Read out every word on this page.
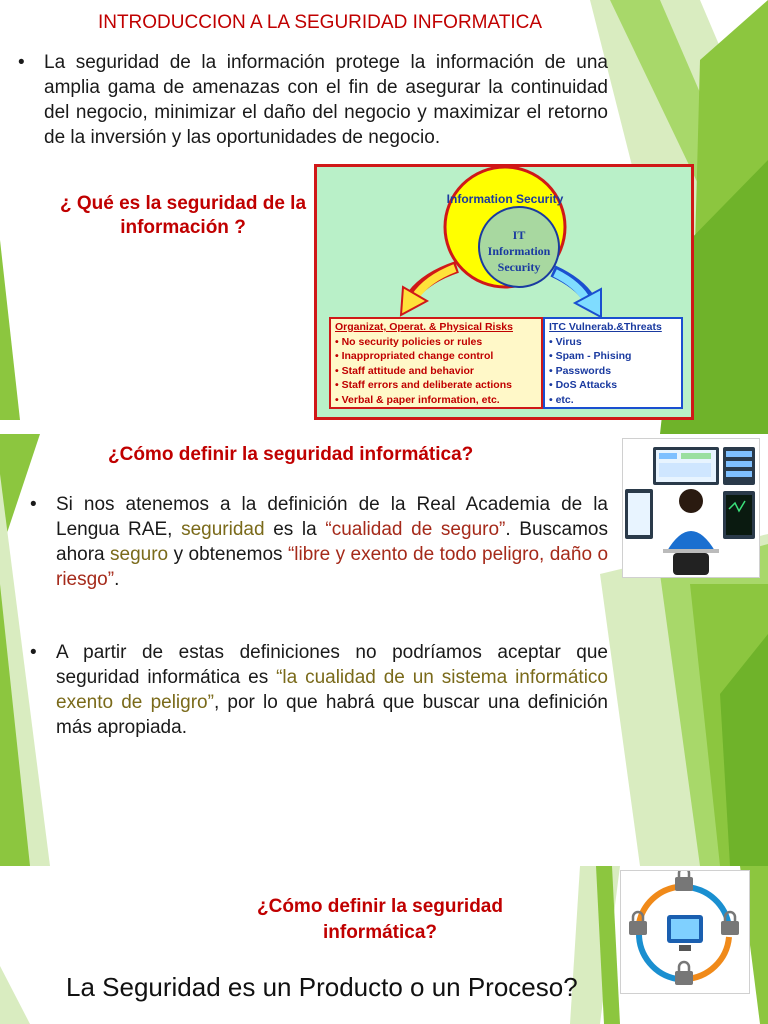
INTRODUCCION A LA SEGURIDAD INFORMATICA
• La seguridad de la información protege la información de una amplia gama de amenazas con el fin de asegurar la continuidad del negocio, minimizar el daño del negocio y maximizar el retorno de la inversión y las oportunidades de negocio.
¿ Qué es la seguridad de la información ?
Information Security
IT
Information
Security
Organizat, Operat. & Physical Risks
• No security policies or rules
• Inappropriated change control
• Staff attitude and behavior
• Staff errors and deliberate actions
• Verbal & paper information, etc.
ITC Vulnerab.&Threats
• Virus
• Spam - Phising
• Passwords
• DoS Attacks
• etc.
¿Cómo definir la seguridad informática?
• Si nos atenemos a la definición de la Real Academia de la Lengua RAE, seguridad es la “cualidad de seguro”. Buscamos ahora seguro y obtenemos “libre y exento de todo peligro, daño o riesgo”.
• A partir de estas definiciones no podríamos aceptar que seguridad informática es “la cualidad de un sistema informático exento de peligro”, por lo que habrá que buscar una definición más apropiada.
¿Cómo definir la seguridad informática?
La Seguridad es un Producto o un Proceso?
